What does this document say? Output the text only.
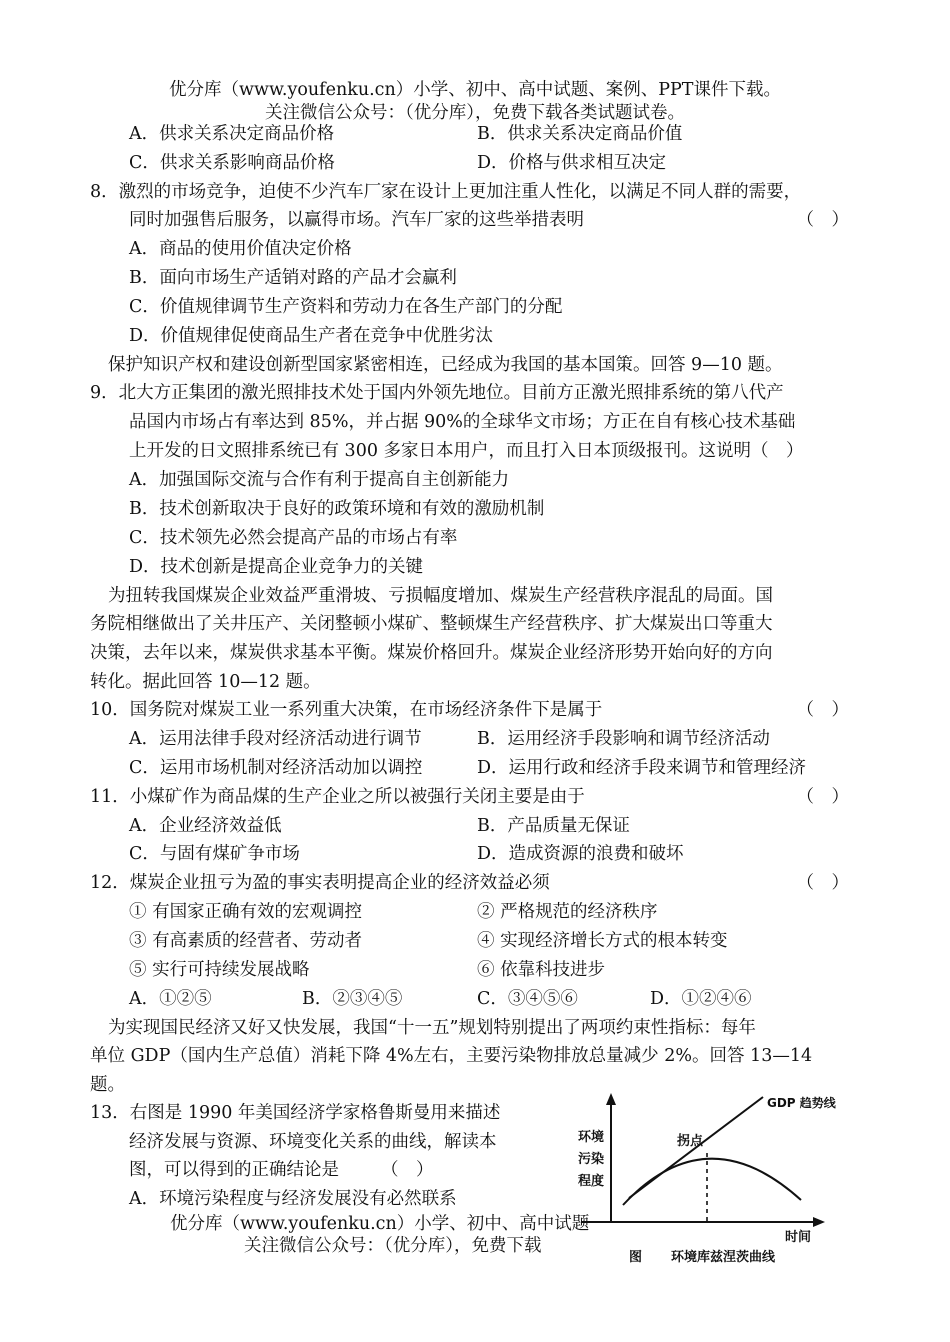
优分库（www.youfenku.cn）小学、初中、高中试题、案例、PPT课件下载。
关注微信公众号：（优分库），免费下载各类试题试卷。
A．供求关系决定商品价格	B．供求关系决定商品价值
C．供求关系影响商品价格	D．价格与供求相互决定
8．激烈的市场竞争，迫使不少汽车厂家在设计上更加注重人性化，以满足不同人群的需要，
同时加强售后服务，以赢得市场。汽车厂家的这些举措表明	（　）
A．商品的使用价值决定价格
B．面向市场生产适销对路的产品才会赢利
C．价值规律调节生产资料和劳动力在各生产部门的分配
D．价值规律促使商品生产者在竞争中优胜劣汰
保护知识产权和建设创新型国家紧密相连，已经成为我国的基本国策。回答 9—10 题。
9．北大方正集团的激光照排技术处于国内外领先地位。目前方正激光照排系统的第八代产
品国内市场占有率达到 85%，并占据 90%的全球华文市场；方正在自有核心技术基础
上开发的日文照排系统已有 300 多家日本用户，而且打入日本顶级报刊。这说明（　）
A．加强国际交流与合作有利于提高自主创新能力
B．技术创新取决于良好的政策环境和有效的激励机制
C．技术领先必然会提高产品的市场占有率
D．技术创新是提高企业竞争力的关键
为扭转我国煤炭企业效益严重滑坡、亏损幅度增加、煤炭生产经营秩序混乱的局面。国
务院相继做出了关井压产、关闭整顿小煤矿、整顿煤生产经营秩序、扩大煤炭出口等重大
决策，去年以来，煤炭供求基本平衡。煤炭价格回升。煤炭企业经济形势开始向好的方向
转化。据此回答 10—12 题。
10．国务院对煤炭工业一系列重大决策，在市场经济条件下是属于	（　）
A．运用法律手段对经济活动进行调节	B．运用经济手段影响和调节经济活动
C．运用市场机制对经济活动加以调控	D．运用行政和经济手段来调节和管理经济
11．小煤矿作为商品煤的生产企业之所以被强行关闭主要是由于	（　）
A．企业经济效益低	B．产品质量无保证
C．与固有煤矿争市场	D．造成资源的浪费和破坏
12．煤炭企业扭亏为盈的事实表明提高企业的经济效益必须	（　）
① 有国家正确有效的宏观调控	② 严格规范的经济秩序
③ 有高素质的经营者、劳动者	④ 实现经济增长方式的根本转变
⑤ 实行可持续发展战略	⑥ 依靠科技进步
A．①②⑤	B．②③④⑤	C．③④⑤⑥	D．①②④⑥
为实现国民经济又好又快发展，我国“十一五”规划特别提出了两项约束性指标：每年
单位 GDP（国内生产总值）消耗下降 4%左右，主要污染物排放总量减少 2%。回答 13—14
题。
13．右图是 1990 年美国经济学家格鲁斯曼用来描述
经济发展与资源、环境变化关系的曲线，解读本
图，可以得到的正确结论是 （　）
A．环境污染程度与经济发展没有必然联系
优分库（www.youfenku.cn）小学、初中、高中试题
关注微信公众号：（优分库），免费下载
GDP 趋势线
拐点
环境
污染
程度
时间
图 环境库兹涅茨曲线
